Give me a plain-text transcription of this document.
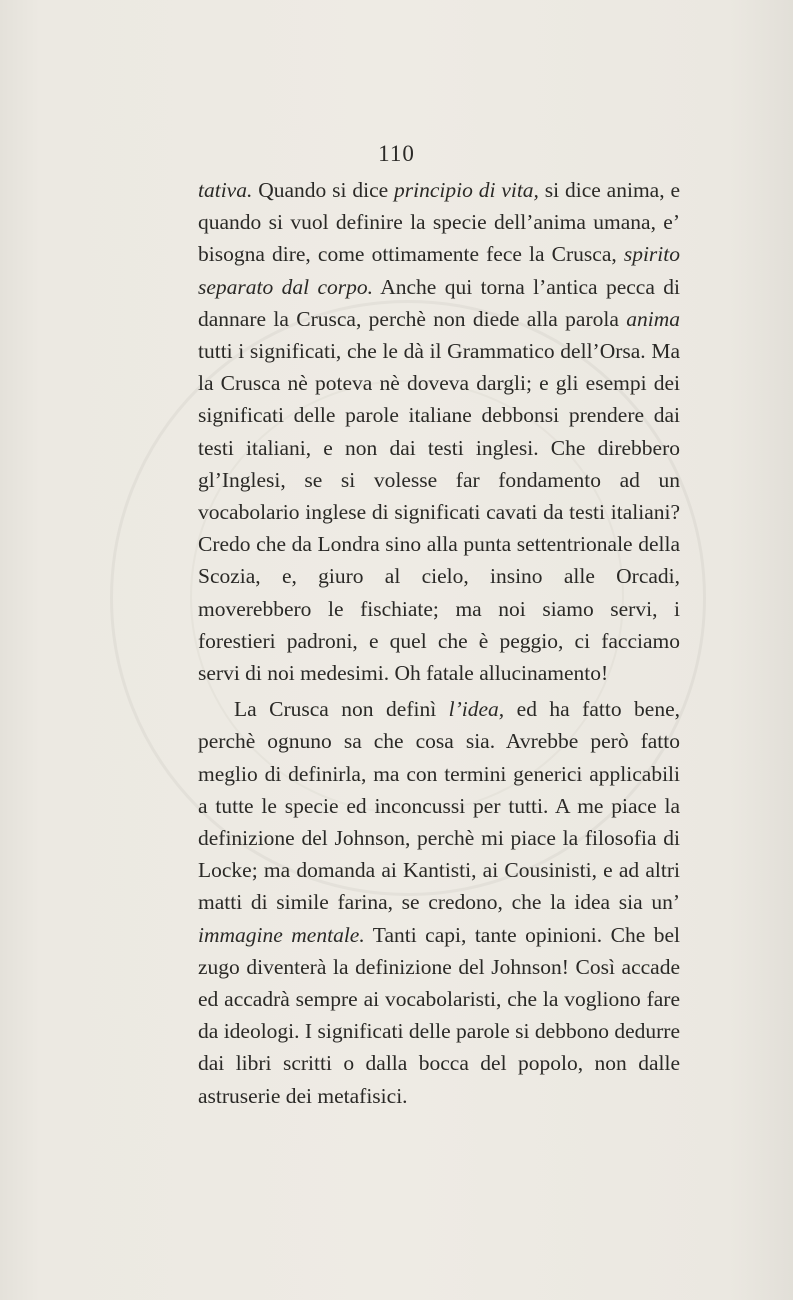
110

tativa. Quando si dice principio di vita, si dice anima, e quando si vuol definire la specie dell’anima umana, e’ bisogna dire, come ottimamente fece la Crusca, spirito separato dal corpo. Anche qui torna l’antica pecca di dannare la Crusca, perchè non diede alla parola anima tutti i significati, che le dà il Grammatico dell’Orsa. Ma la Crusca nè poteva nè doveva dargli; e gli esempi dei significati delle parole italiane debbonsi prendere dai testi italiani, e non dai testi inglesi. Che direbbero gl’Inglesi, se si volesse far fondamento ad un vocabolario inglese di significati cavati da testi italiani? Credo che da Londra sino alla punta settentrionale della Scozia, e, giuro al cielo, insino alle Orcadi, moverebbero le fischiate; ma noi siamo servi, i forestieri padroni, e quel che è peggio, ci facciamo servi di noi medesimi. Oh fatale allucinamento!

La Crusca non definì l’idea, ed ha fatto bene, perchè ognuno sa che cosa sia. Avrebbe però fatto meglio di definirla, ma con termini generici applicabili a tutte le specie ed inconcussi per tutti. A me piace la definizione del Johnson, perchè mi piace la filosofia di Locke; ma domanda ai Kantisti, ai Cousinisti, e ad altri matti di simile farina, se credono, che la idea sia un’ immagine mentale. Tanti capi, tante opinioni. Che bel zugo diventerà la definizione del Johnson! Così accade ed accadrà sempre ai vocabolaristi, che la vogliono fare da ideologi. I significati delle parole si debbono dedurre dai libri scritti o dalla bocca del popolo, non dalle astruserie dei metafisici.
